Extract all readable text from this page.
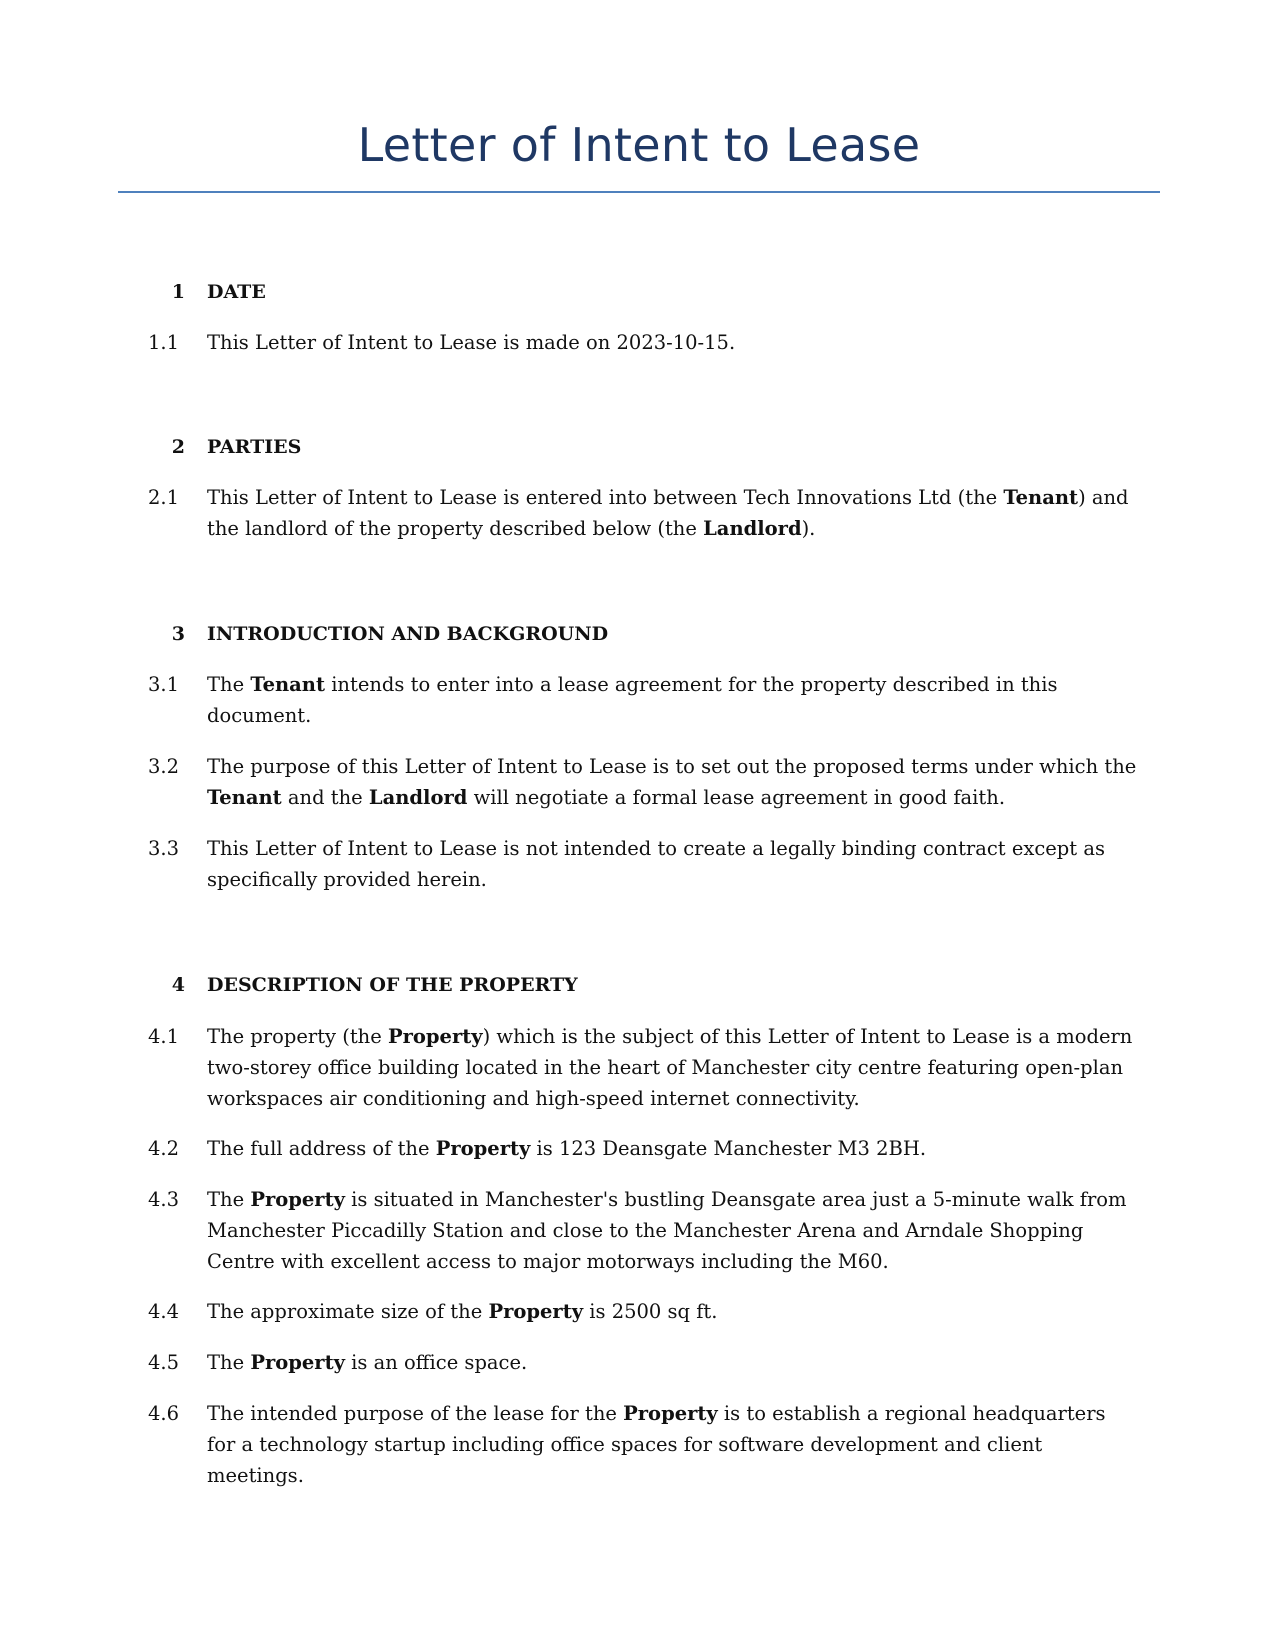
Letter of Intent to Lease
1 DATE
1.1	This Letter of Intent to Lease is made on 2023-10-15.

2 PARTIES
2.1	This Letter of Intent to Lease is entered into between Tech Innovations Ltd (the Tenant) and the landlord of the property described below (the Landlord).

3 INTRODUCTION AND BACKGROUND
3.1	The Tenant intends to enter into a lease agreement for the property described in this document.

3.2	The purpose of this Letter of Intent to Lease is to set out the proposed terms under which the Tenant and the Landlord will negotiate a formal lease agreement in good faith.

3.3	This Letter of Intent to Lease is not intended to create a legally binding contract except as specifically provided herein.

4 DESCRIPTION OF THE PROPERTY
4.1	The property (the Property) which is the subject of this Letter of Intent to Lease is a modern two-storey office building located in the heart of Manchester city centre featuring open-plan workspaces air conditioning and high-speed internet connectivity.

4.2	The full address of the Property is 123 Deansgate Manchester M3 2BH.

4.3	The Property is situated in Manchester's bustling Deansgate area just a 5-minute walk from Manchester Piccadilly Station and close to the Manchester Arena and Arndale Shopping Centre with excellent access to major motorways including the M60.

4.4	The approximate size of the Property is 2500 sq ft.

4.5	The Property is an office space.

4.6	The intended purpose of the lease for the Property is to establish a regional headquarters for a technology startup including office spaces for software development and client meetings.
